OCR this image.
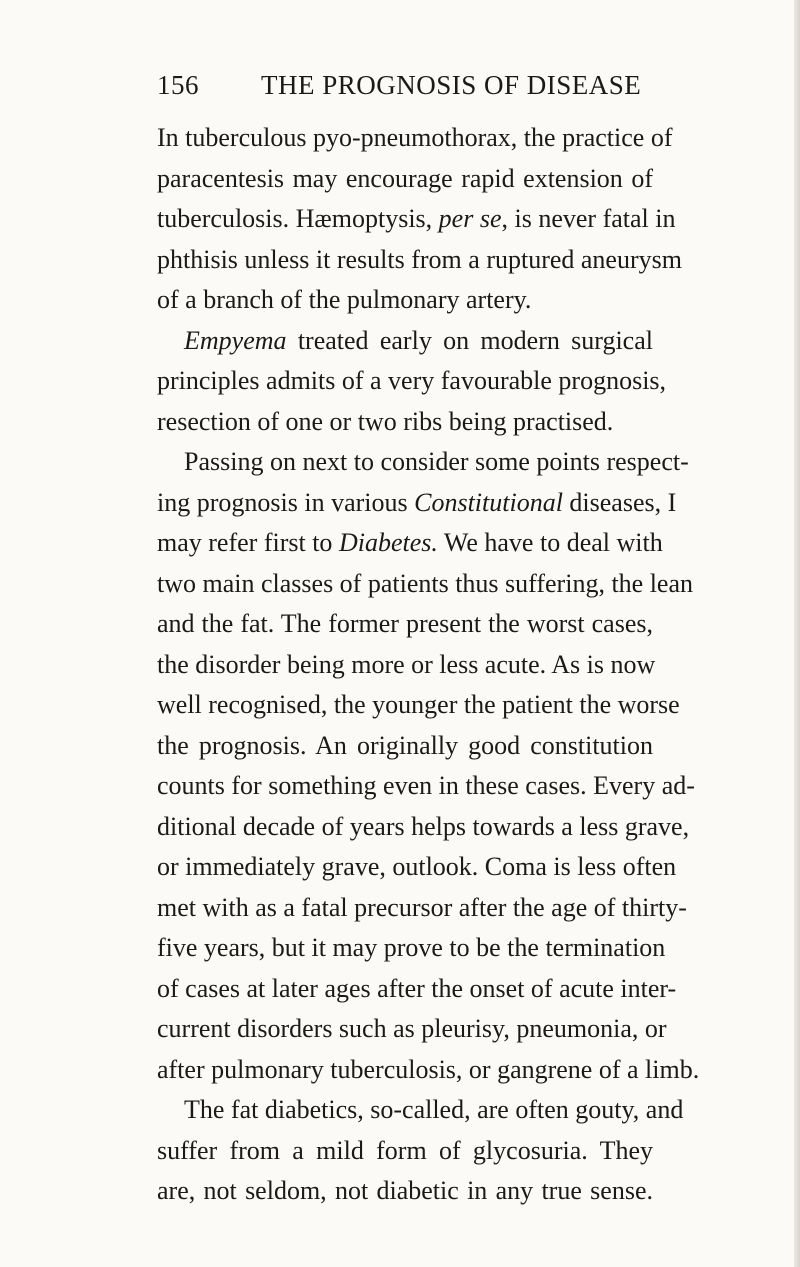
156 THE PROGNOSIS OF DISEASE
In tuberculous pyo-pneumothorax, the practice of
paracentesis may encourage rapid extension of
tuberculosis. Hæmoptysis, per se, is never fatal in
phthisis unless it results from a ruptured aneurysm
of a branch of the pulmonary artery.
Empyema treated early on modern surgical
principles admits of a very favourable prognosis,
resection of one or two ribs being practised.
Passing on next to consider some points respect-
ing prognosis in various Constitutional diseases, I
may refer first to Diabetes. We have to deal with
two main classes of patients thus suffering, the lean
and the fat. The former present the worst cases,
the disorder being more or less acute. As is now
well recognised, the younger the patient the worse
the prognosis. An originally good constitution
counts for something even in these cases. Every ad-
ditional decade of years helps towards a less grave,
or immediately grave, outlook. Coma is less often
met with as a fatal precursor after the age of thirty-
five years, but it may prove to be the termination
of cases at later ages after the onset of acute inter-
current disorders such as pleurisy, pneumonia, or
after pulmonary tuberculosis, or gangrene of a limb.
The fat diabetics, so-called, are often gouty, and
suffer from a mild form of glycosuria. They
are, not seldom, not diabetic in any true sense.
